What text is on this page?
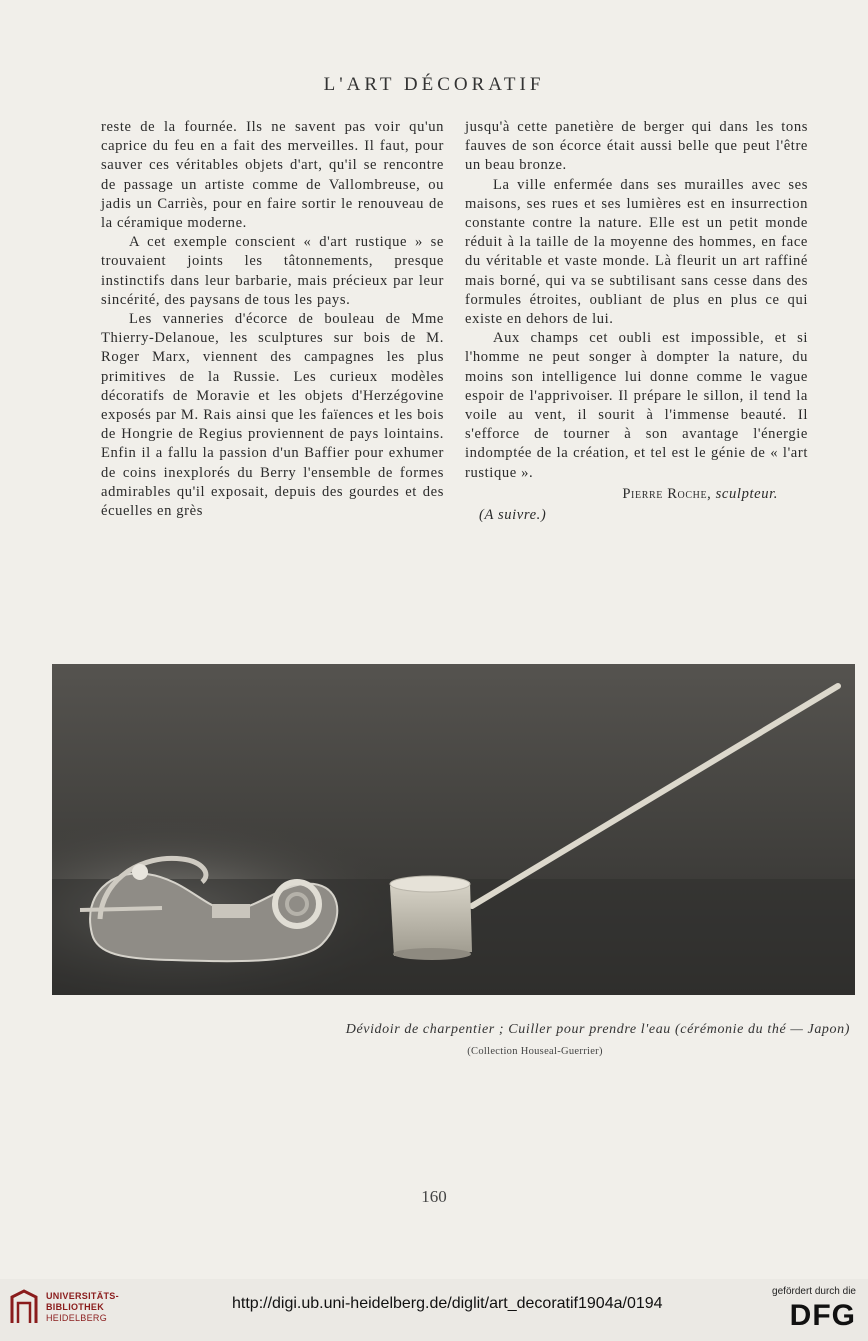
L'ART DÉCORATIF

reste de la fournée. Ils ne savent pas voir qu'un caprice du feu en a fait des merveilles. Il faut, pour sauver ces véritables objets d'art, qu'il se rencontre de passage un artiste comme de Vallombreuse, ou jadis un Carriès, pour en faire sortir le renouveau de la céramique moderne.

A cet exemple conscient « d'art rustique » se trouvaient joints les tâtonnements, presque instinctifs dans leur barbarie, mais précieux par leur sincérité, des paysans de tous les pays.

Les vanneries d'écorce de bouleau de Mme Thierry-Delanoue, les sculptures sur bois de M. Roger Marx, viennent des campagnes les plus primitives de la Russie. Les curieux modèles décoratifs de Moravie et les objets d'Herzégovine exposés par M. Rais ainsi que les faïences et les bois de Hongrie de Regius proviennent de pays lointains. Enfin il a fallu la passion d'un Baffier pour exhumer de coins inexplorés du Berry l'ensemble de formes admirables qu'il exposait, depuis des gourdes et des écuelles en grès

jusqu'à cette panetière de berger qui dans les tons fauves de son écorce était aussi belle que peut l'être un beau bronze.

La ville enfermée dans ses murailles avec ses maisons, ses rues et ses lumières est en insurrection constante contre la nature. Elle est un petit monde réduit à la taille de la moyenne des hommes, en face du véritable et vaste monde. Là fleurit un art raffiné mais borné, qui va se subtilisant sans cesse dans des formules étroites, oubliant de plus en plus ce qui existe en dehors de lui.

Aux champs cet oubli est impossible, et si l'homme ne peut songer à dompter la nature, du moins son intelligence lui donne comme le vague espoir de l'apprivoiser. Il prépare le sillon, il tend la voile au vent, il sourit à l'immense beauté. Il s'efforce de tourner à son avantage l'énergie indomptée de la création, et tel est le génie de « l'art rustique ».

Pierre Roche, sculpteur.
(A suivre.)
Dévidoir de charpentier ; Cuiller pour prendre l'eau (cérémonie du thé — Japon)
(Collection Houseal-Guerrier)
160
UNIVERSITÄTS-
BIBLIOTHEK
HEIDELBERG
http://digi.ub.uni-heidelberg.de/diglit/art_decoratif1904a/0194
gefördert durch die
DFG
